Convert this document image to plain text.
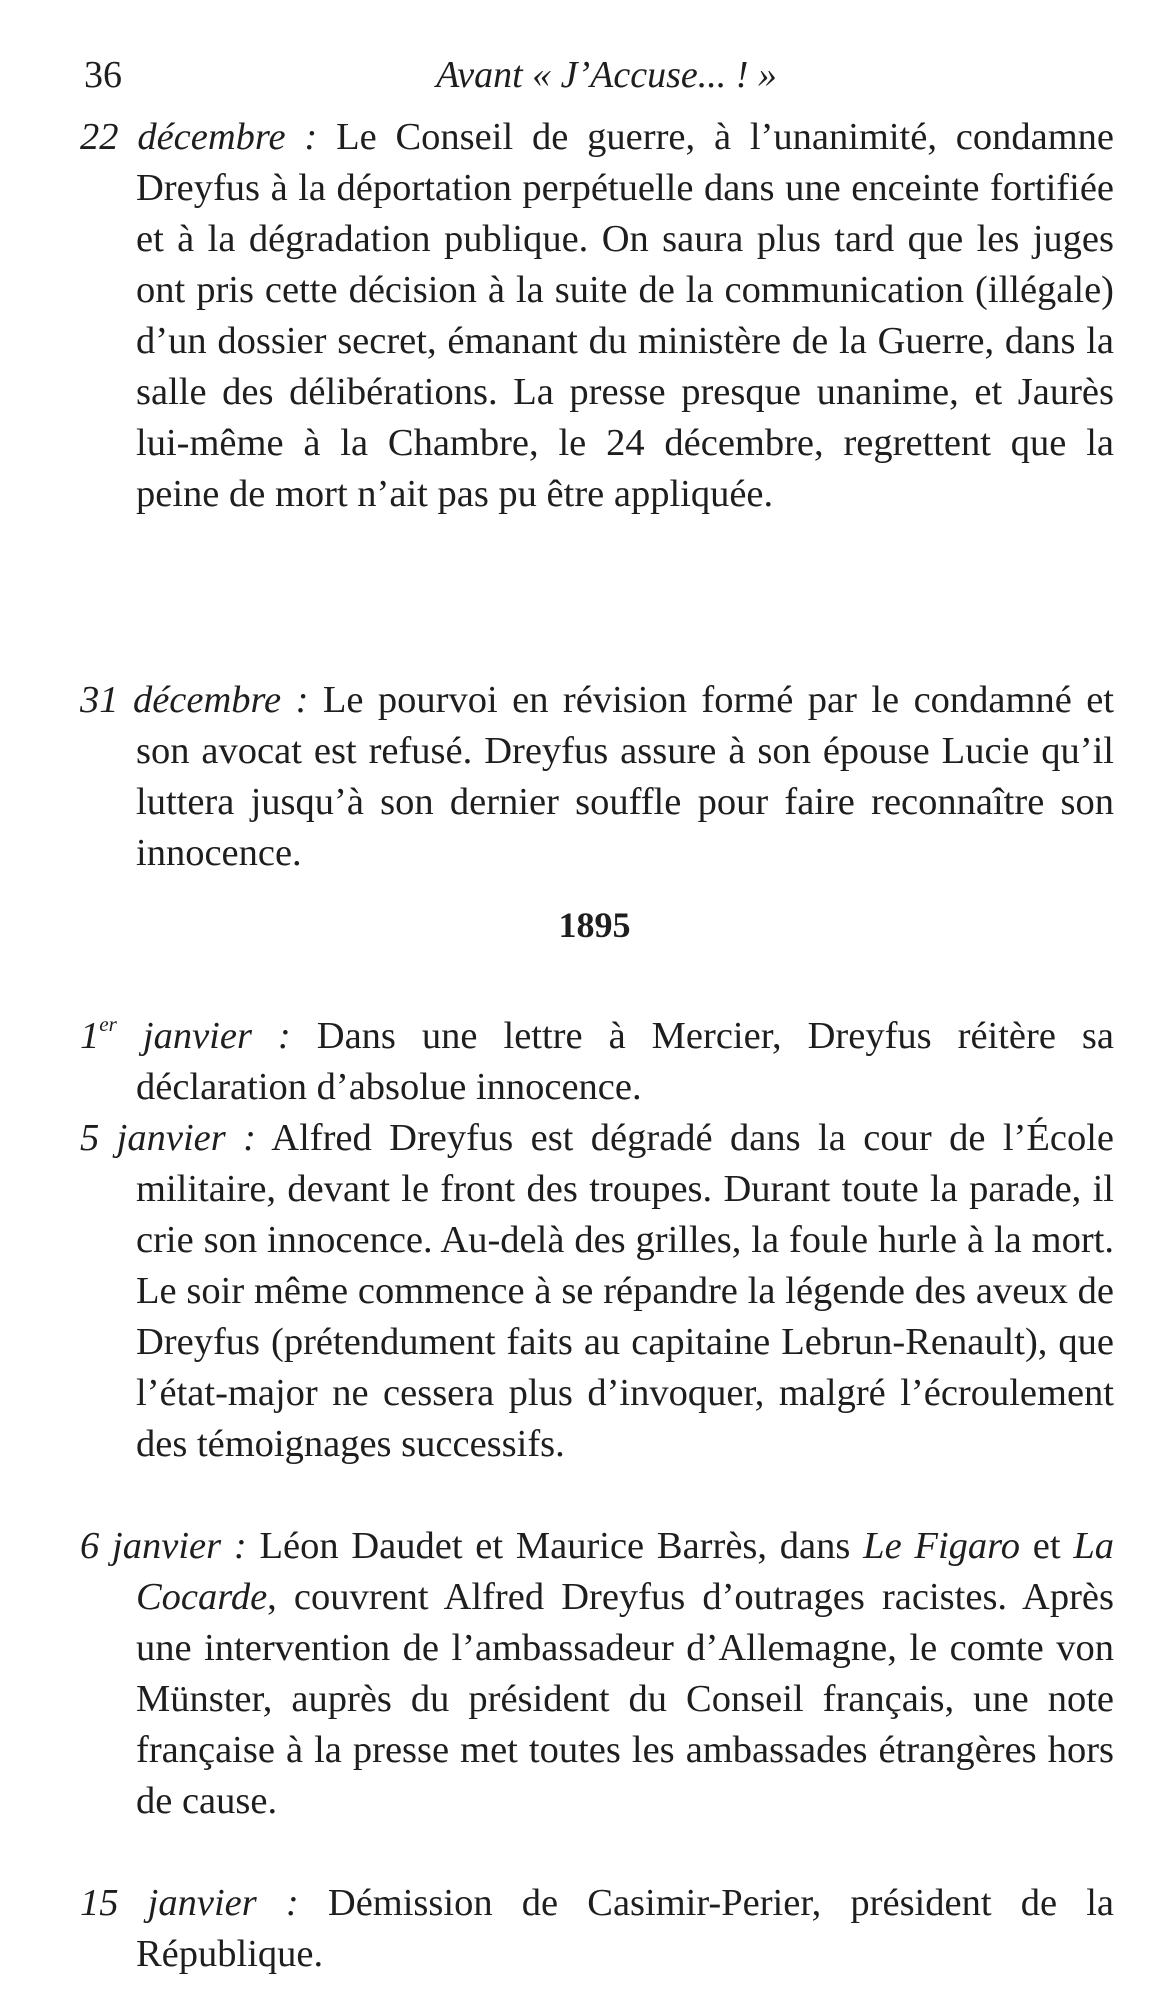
36	Avant « J’Accuse... ! »

22 décembre : Le Conseil de guerre, à l’unanimité, condamne Dreyfus à la déportation perpétuelle dans une enceinte fortifiée et à la dégradation publique. On saura plus tard que les juges ont pris cette décision à la suite de la communication (illégale) d’un dossier secret, émanant du ministère de la Guerre, dans la salle des délibérations. La presse presque unanime, et Jaurès lui-même à la Chambre, le 24 décembre, regrettent que la peine de mort n’ait pas pu être appliquée.

31 décembre : Le pourvoi en révision formé par le condamné et son avocat est refusé. Dreyfus assure à son épouse Lucie qu’il luttera jusqu’à son dernier souffle pour faire reconnaître son innocence.

1895

1er janvier : Dans une lettre à Mercier, Dreyfus réitère sa déclaration d’absolue innocence.

5 janvier : Alfred Dreyfus est dégradé dans la cour de l’École militaire, devant le front des troupes. Durant toute la parade, il crie son innocence. Au-delà des grilles, la foule hurle à la mort. Le soir même commence à se répandre la légende des aveux de Dreyfus (prétendument faits au capitaine Lebrun-Renault), que l’état-major ne cessera plus d’invoquer, malgré l’écroulement des témoignages successifs.

6 janvier : Léon Daudet et Maurice Barrès, dans Le Figaro et La Cocarde, couvrent Alfred Dreyfus d’outrages racistes. Après une intervention de l’ambassadeur d’Allemagne, le comte von Münster, auprès du président du Conseil français, une note française à la presse met toutes les ambassades étrangères hors de cause.

15 janvier : Démission de Casimir-Perier, président de la République.
